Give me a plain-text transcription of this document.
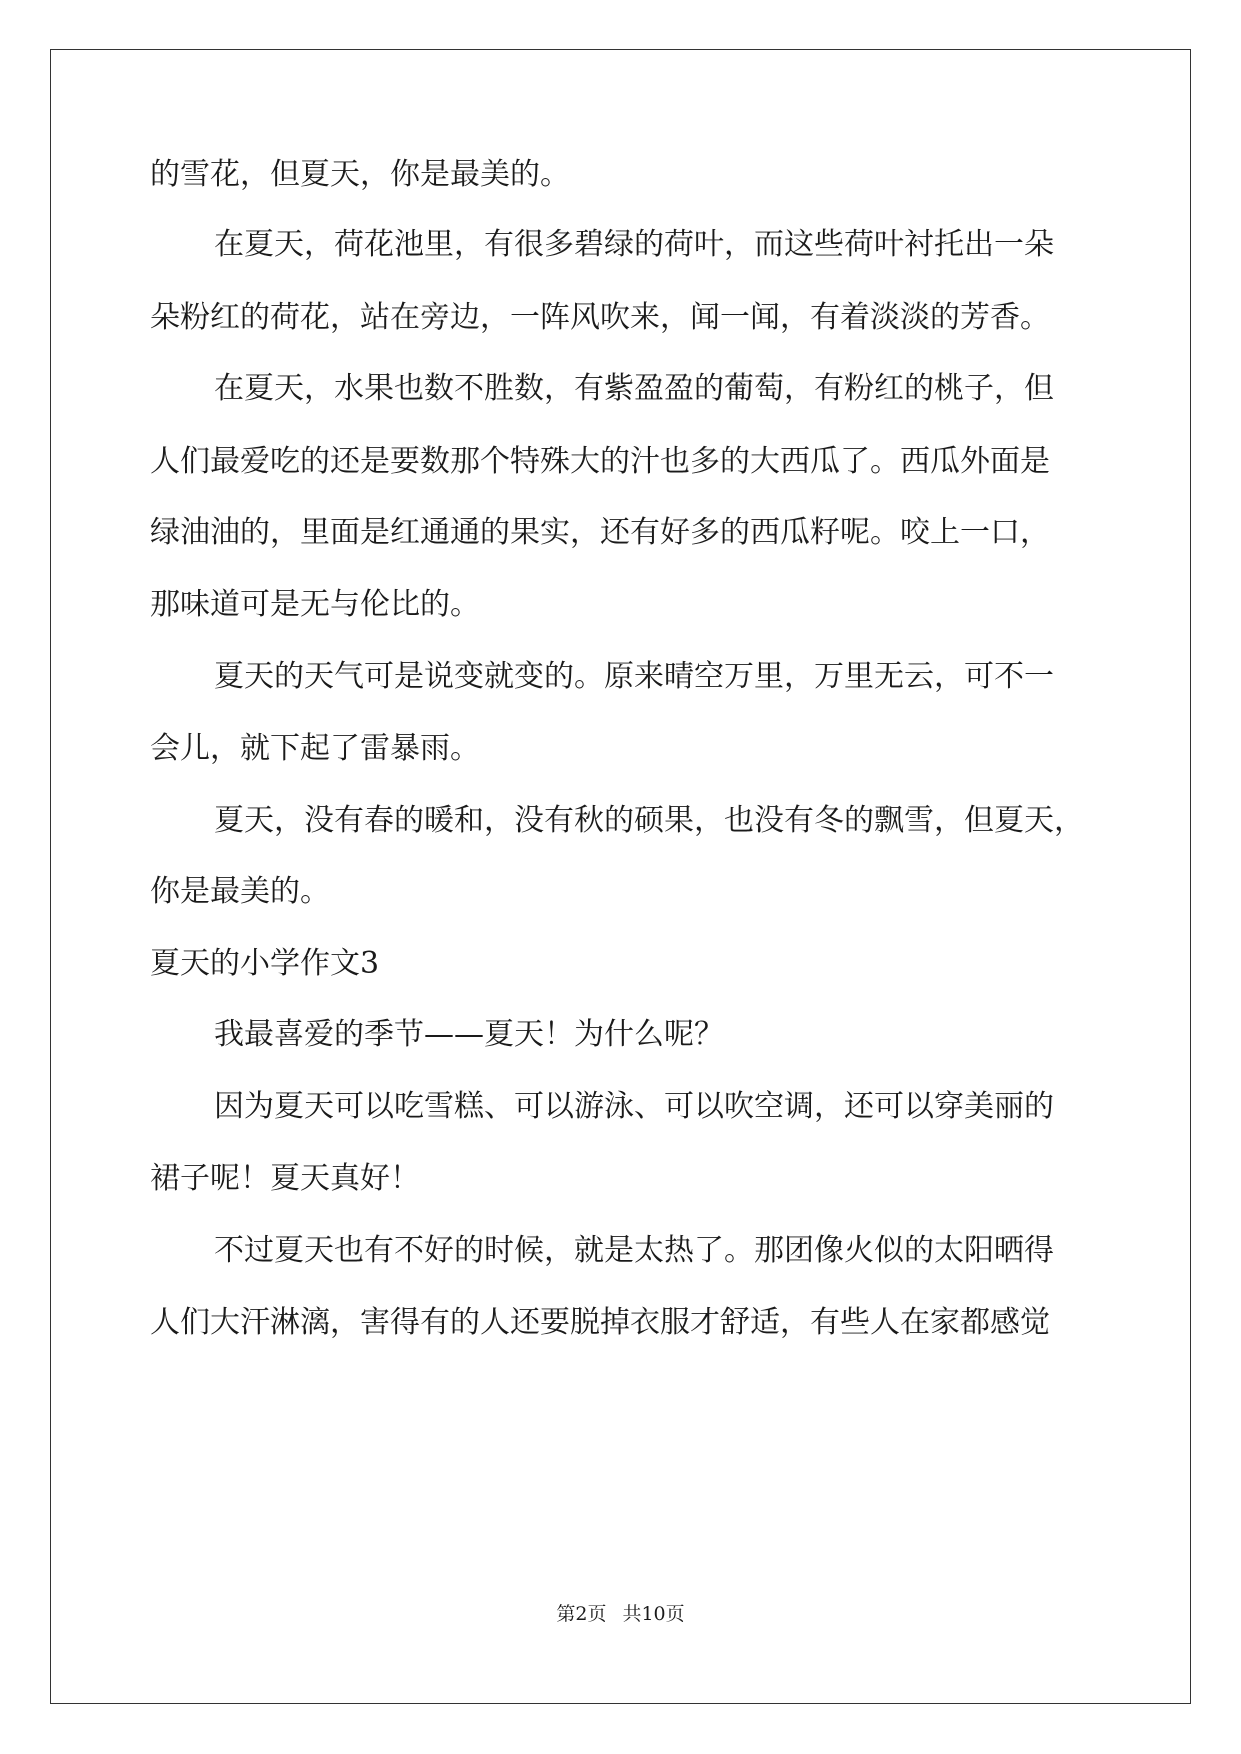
的雪花，但夏天，你是最美的。
在夏天，荷花池里，有很多碧绿的荷叶，而这些荷叶衬托出一朵
朵粉红的荷花，站在旁边，一阵风吹来，闻一闻，有着淡淡的芳香。
在夏天，水果也数不胜数，有紫盈盈的葡萄，有粉红的桃子，但
人们最爱吃的还是要数那个特殊大的汁也多的大西瓜了。西瓜外面是
绿油油的，里面是红通通的果实，还有好多的西瓜籽呢。咬上一口，
那味道可是无与伦比的。
夏天的天气可是说变就变的。原来晴空万里，万里无云，可不一
会儿，就下起了雷暴雨。
夏天，没有春的暖和，没有秋的硕果，也没有冬的飘雪，但夏天，
你是最美的。
夏天的小学作文3
我最喜爱的季节——夏天！为什么呢？
因为夏天可以吃雪糕、可以游泳、可以吹空调，还可以穿美丽的
裙子呢！夏天真好！
不过夏天也有不好的时候，就是太热了。那团像火似的太阳晒得
人们大汗淋漓，害得有的人还要脱掉衣服才舒适，有些人在家都感觉
第2页 共10页
